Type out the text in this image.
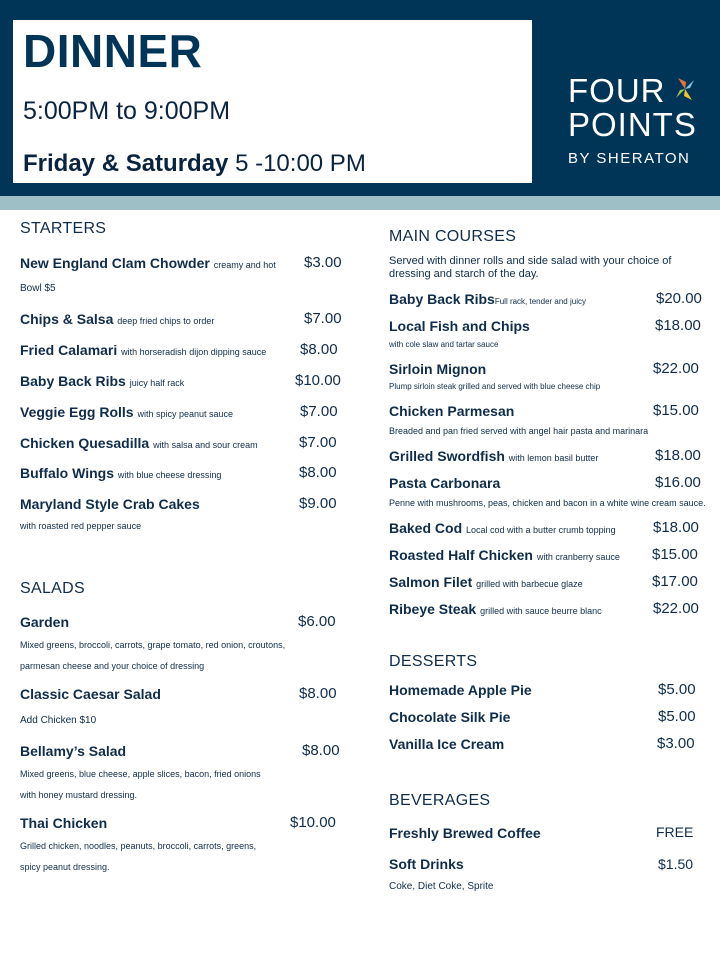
DINNER
5:00PM to 9:00PM
Friday & Saturday 5 -10:00 PM
FOUR
POINTS
BY SHERATON
STARTERS
New England Clam Chowder creamy and hot $3.00
Bowl $5
Chips & Salsa deep fried chips to order	$7.00
Fried Calamari with horseradish dijon dipping sauce $8.00
Baby Back Ribs juicy half rack	$10.00
Veggie Egg Rolls with spicy peanut sauce	$7.00
Chicken Quesadilla with salsa and sour cream	$7.00
Buffalo Wings with blue cheese dressing	$8.00
Maryland Style Crab Cakes	$9.00
with roasted red pepper sauce
SALADS
Garden	$6.00
Mixed greens, broccoli, carrots, grape tomato, red onion, croutons,
parmesan cheese and your choice of dressing
Classic Caesar Salad	$8.00
Add Chicken $10
Bellamy’s Salad	$8.00
Mixed greens, blue cheese, apple slices, bacon, fried onions
with honey mustard dressing.
Thai Chicken	$10.00
Grilled chicken, noodles, peanuts, broccoli, carrots, greens,
spicy peanut dressing.
MAIN COURSES
Served with dinner rolls and side salad with your choice of dressing and starch of the day.
Baby Back RibsFull rack, tender and juicy	$20.00
Local Fish and Chips	$18.00
with cole slaw and tartar sauce
Sirloin Mignon	$22.00
Plump sirloin steak grilled and served with blue cheese chip
Chicken Parmesan	$15.00
Breaded and pan fried served with angel hair pasta and marinara
Grilled Swordfish with lemon basil butter	$18.00
Pasta Carbonara	$16.00
Penne with mushrooms, peas, chicken and bacon in a white wine cream sauce.
Baked Cod Local cod with a butter crumb topping $18.00
Roasted Half Chicken with cranberry sauce $15.00
Salmon Filet grilled with barbecue glaze	$17.00
Ribeye Steak grilled with sauce beurre blanc	$22.00
DESSERTS
Homemade Apple Pie	$5.00
Chocolate Silk Pie	$5.00
Vanilla Ice Cream	$3.00
BEVERAGES
Freshly Brewed Coffee	FREE
Soft Drinks	$1.50
Coke, Diet Coke, Sprite
